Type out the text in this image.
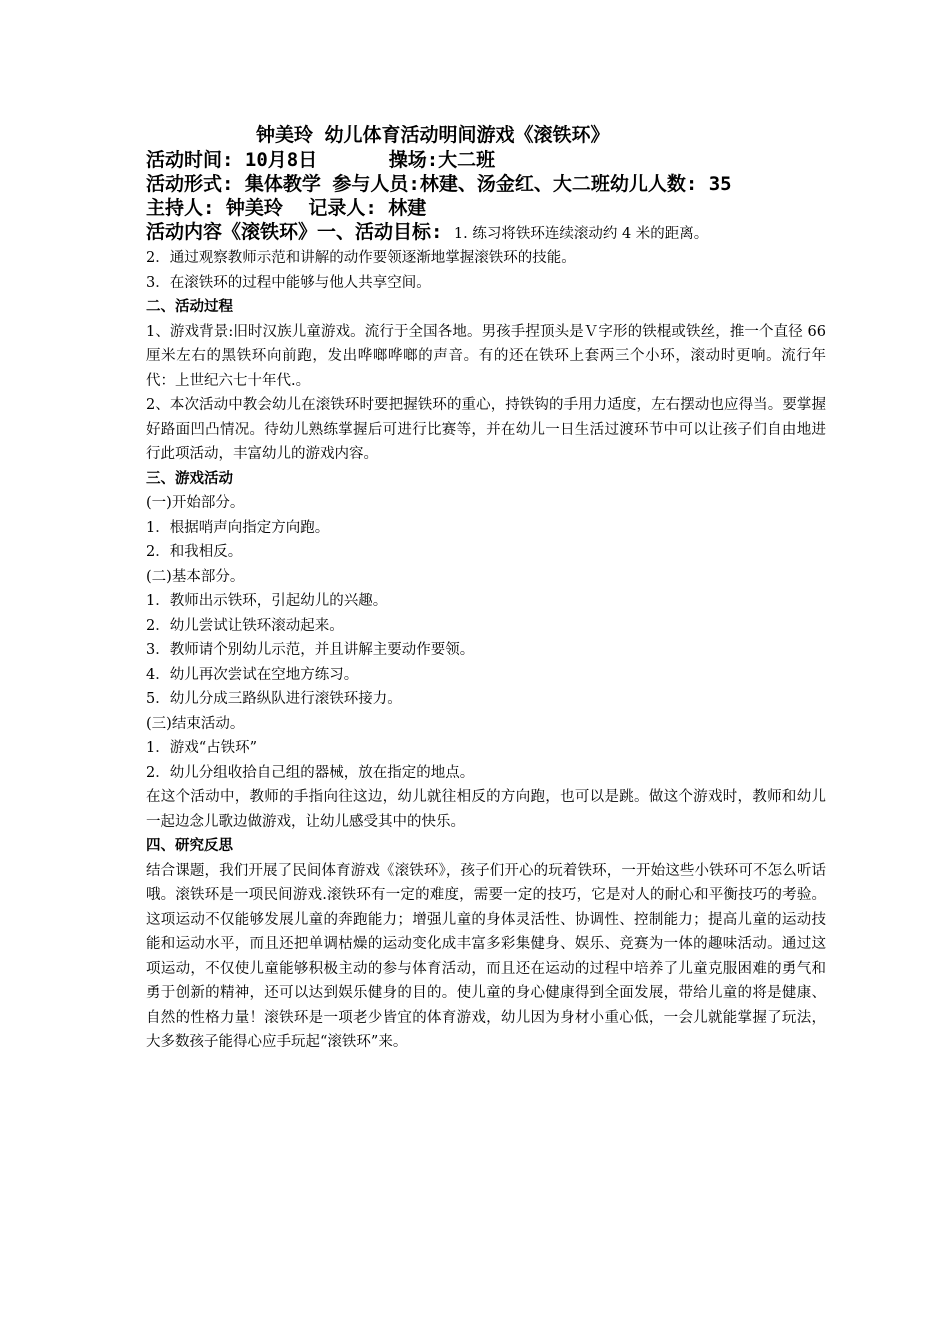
钟美玲 幼儿体育活动明间游戏《滚铁环》
活动时间: 10月8日	操场:大二班
活动形式: 集体教学 参与人员:林建、汤金红、大二班幼儿人数: 35
主持人: 钟美玲 记录人: 林建
活动内容《滚铁环》一、活动目标: 1. 练习将铁环连续滚动约 4 米的距离。

2．通过观察教师示范和讲解的动作要领逐渐地掌握滚铁环的技能。

3．在滚铁环的过程中能够与他人共享空间。

二、活动过程

1、游戏背景:旧时汉族儿童游戏。流行于全国各地。男孩手捏顶头是Ｖ字形的铁棍或铁丝，推一个直径 66 厘米左右的黑铁环向前跑，发出哗啷哗啷的声音。有的还在铁环上套两三个小环，滚动时更响。流行年代：上世纪六七十年代.。

2、本次活动中教会幼儿在滚铁环时要把握铁环的重心，持铁钩的手用力适度，左右摆动也应得当。要掌握好路面凹凸情况。待幼儿熟练掌握后可进行比赛等，并在幼儿一日生活过渡环节中可以让孩子们自由地进行此项活动，丰富幼儿的游戏内容。

三、游戏活动

(一)开始部分。

1．根据哨声向指定方向跑。

2．和我相反。

(二)基本部分。

1．教师出示铁环，引起幼儿的兴趣。

2．幼儿尝试让铁环滚动起来。

3．教师请个别幼儿示范，并且讲解主要动作要领。

4．幼儿再次尝试在空地方练习。

5．幼儿分成三路纵队进行滚铁环接力。

(三)结束活动。

1．游戏“占铁环”

2．幼儿分组收拾自己组的器械，放在指定的地点。

在这个活动中，教师的手指向往这边，幼儿就往相反的方向跑，也可以是跳。做这个游戏时，教师和幼儿一起边念儿歌边做游戏，让幼儿感受其中的快乐。

四、研究反思

结合课题，我们开展了民间体育游戏《滚铁环》，孩子们开心的玩着铁环，一开始这些小铁环可不怎么听话哦。滚铁环是一项民间游戏.滚铁环有一定的难度，需要一定的技巧，它是对人的耐心和平衡技巧的考验。这项运动不仅能够发展儿童的奔跑能力；增强儿童的身体灵活性、协调性、控制能力；提高儿童的运动技能和运动水平，而且还把单调枯燥的运动变化成丰富多彩集健身、娱乐、竞赛为一体的趣味活动。通过这项运动，不仅使儿童能够积极主动的参与体育活动，而且还在运动的过程中培养了儿童克服困难的勇气和勇于创新的精神，还可以达到娱乐健身的目的。使儿童的身心健康得到全面发展，带给儿童的将是健康、自然的性格力量！滚铁环是一项老少皆宜的体育游戏，幼儿因为身材小重心低，一会儿就能掌握了玩法，大多数孩子能得心应手玩起“滚铁环”来。
